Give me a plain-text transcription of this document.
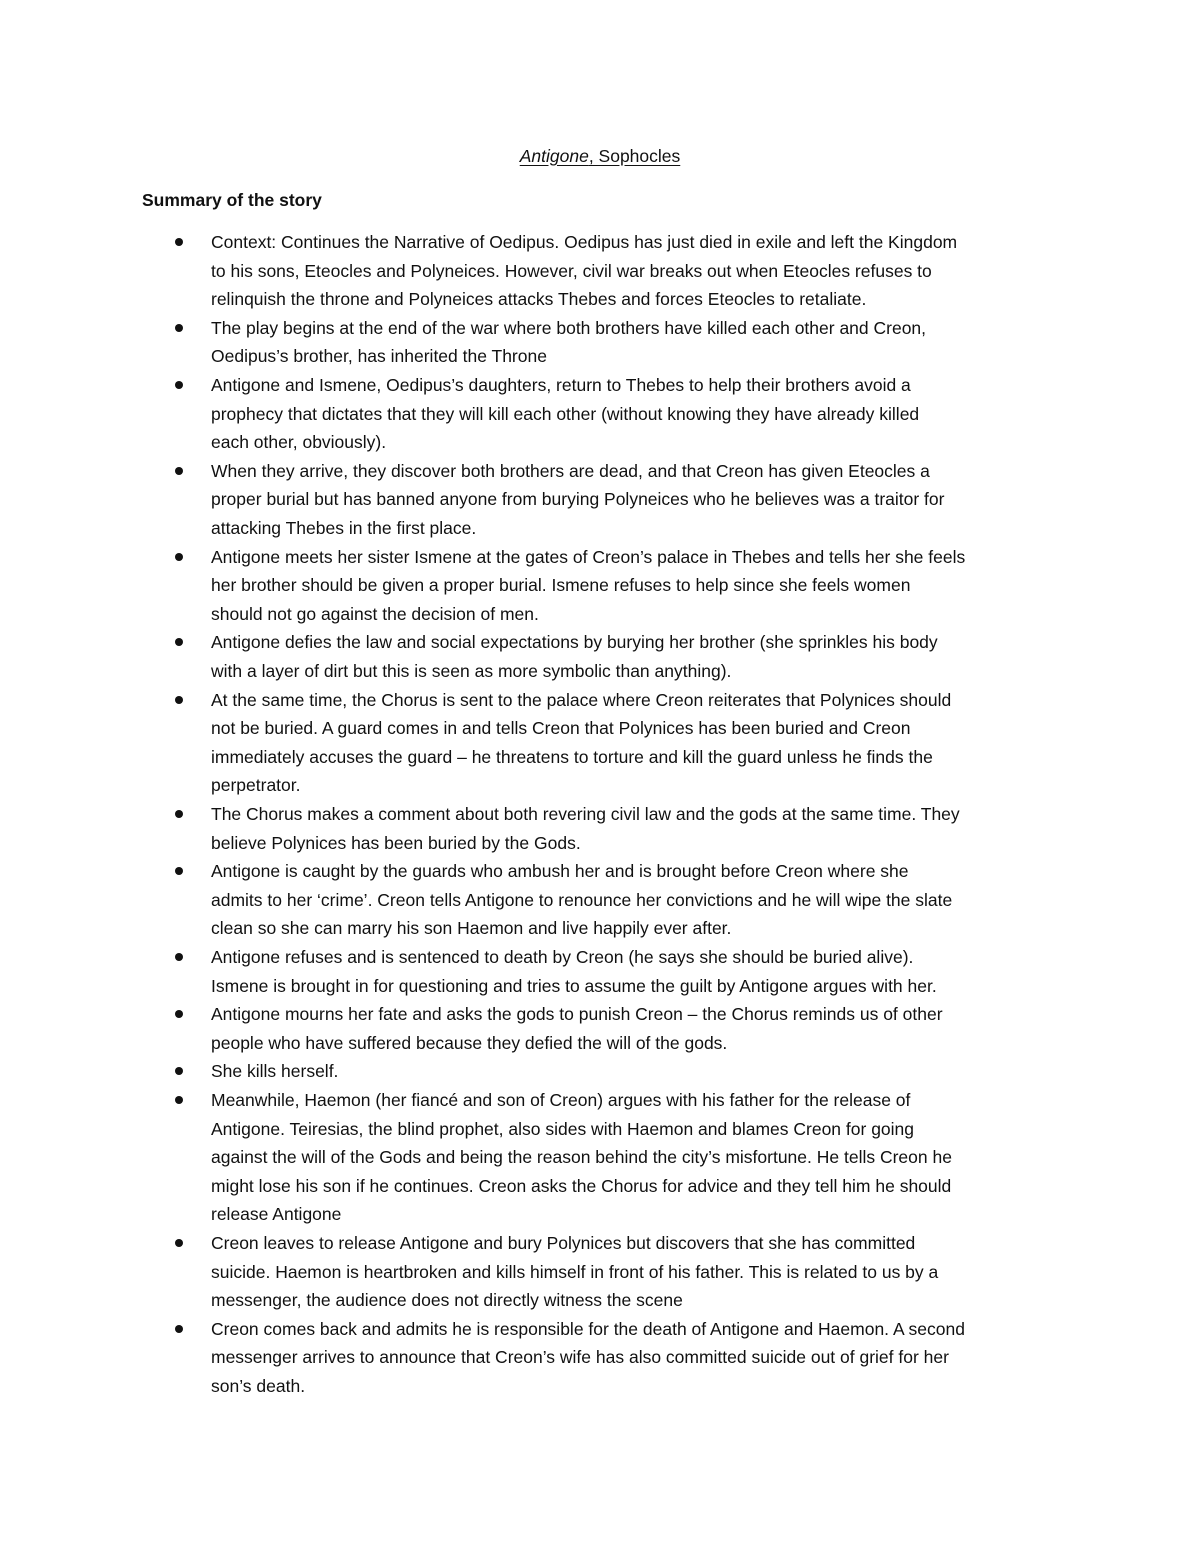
Antigone, Sophocles
Summary of the story
Context: Continues the Narrative of Oedipus. Oedipus has just died in exile and left the Kingdom
to his sons, Eteocles and Polyneices. However, civil war breaks out when Eteocles refuses to
relinquish the throne and Polyneices attacks Thebes and forces Eteocles to retaliate.
The play begins at the end of the war where both brothers have killed each other and Creon,
Oedipus’s brother, has inherited the Throne
Antigone and Ismene, Oedipus’s daughters, return to Thebes to help their brothers avoid a
prophecy that dictates that they will kill each other (without knowing they have already killed
each other, obviously).
When they arrive, they discover both brothers are dead, and that Creon has given Eteocles a
proper burial but has banned anyone from burying Polyneices who he believes was a traitor for
attacking Thebes in the first place.
Antigone meets her sister Ismene at the gates of Creon’s palace in Thebes and tells her she feels
her brother should be given a proper burial. Ismene refuses to help since she feels women
should not go against the decision of men.
Antigone defies the law and social expectations by burying her brother (she sprinkles his body
with a layer of dirt but this is seen as more symbolic than anything).
At the same time, the Chorus is sent to the palace where Creon reiterates that Polynices should
not be buried. A guard comes in and tells Creon that Polynices has been buried and Creon
immediately accuses the guard – he threatens to torture and kill the guard unless he finds the
perpetrator.
The Chorus makes a comment about both revering civil law and the gods at the same time. They
believe Polynices has been buried by the Gods.
Antigone is caught by the guards who ambush her and is brought before Creon where she
admits to her ‘crime’. Creon tells Antigone to renounce her convictions and he will wipe the slate
clean so she can marry his son Haemon and live happily ever after.
Antigone refuses and is sentenced to death by Creon (he says she should be buried alive).
Ismene is brought in for questioning and tries to assume the guilt by Antigone argues with her.
Antigone mourns her fate and asks the gods to punish Creon – the Chorus reminds us of other
people who have suffered because they defied the will of the gods.
She kills herself.
Meanwhile, Haemon (her fiancé and son of Creon) argues with his father for the release of
Antigone. Teiresias, the blind prophet, also sides with Haemon and blames Creon for going
against the will of the Gods and being the reason behind the city’s misfortune. He tells Creon he
might lose his son if he continues. Creon asks the Chorus for advice and they tell him he should
release Antigone
Creon leaves to release Antigone and bury Polynices but discovers that she has committed
suicide. Haemon is heartbroken and kills himself in front of his father. This is related to us by a
messenger, the audience does not directly witness the scene
Creon comes back and admits he is responsible for the death of Antigone and Haemon. A second
messenger arrives to announce that Creon’s wife has also committed suicide out of grief for her
son’s death.
